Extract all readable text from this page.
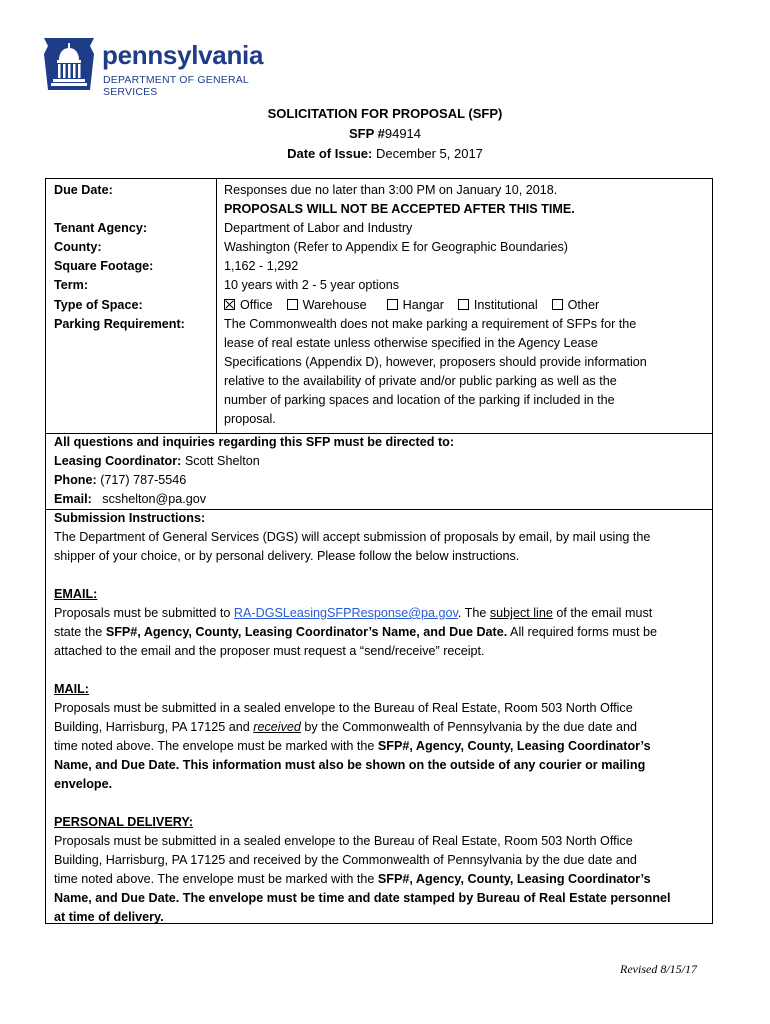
pennsylvania
DEPARTMENT OF GENERAL SERVICES
SOLICITATION FOR PROPOSAL (SFP)
SFP #94914
Date of Issue: December 5, 2017
Due Date:	Responses due no later than 3:00 PM on January 10, 2018.
PROPOSALS WILL NOT BE ACCEPTED AFTER THIS TIME.
Tenant Agency:	Department of Labor and Industry
County:	Washington (Refer to Appendix E for Geographic Boundaries)
Square Footage:	1,162 - 1,292
Term:	10 years with 2 - 5 year options
Type of Space:	Office Warehouse	Hangar Institutional Other
Parking Requirement:	The Commonwealth does not make parking a requirement of SFPs for the
lease of real estate unless otherwise specified in the Agency Lease
Specifications (Appendix D), however, proposers should provide information
relative to the availability of private and/or public parking as well as the
number of parking spaces and location of the parking if included in the
proposal.
All questions and inquiries regarding this SFP must be directed to:
Leasing Coordinator: Scott Shelton
Phone: (717) 787-5546
Email: scshelton@pa.gov
Submission Instructions:
The Department of General Services (DGS) will accept submission of proposals by email, by mail using the
shipper of your choice, or by personal delivery. Please follow the below instructions.
EMAIL:
Proposals must be submitted to RA-DGSLeasingSFPResponse@pa.gov. The subject line of the email must
state the SFP#, Agency, County, Leasing Coordinator’s Name, and Due Date. All required forms must be
attached to the email and the proposer must request a “send/receive” receipt.
MAIL:
Proposals must be submitted in a sealed envelope to the Bureau of Real Estate, Room 503 North Office
Building, Harrisburg, PA 17125 and received by the Commonwealth of Pennsylvania by the due date and
time noted above. The envelope must be marked with the SFP#, Agency, County, Leasing Coordinator’s
Name, and Due Date. This information must also be shown on the outside of any courier or mailing
envelope.
PERSONAL DELIVERY:
Proposals must be submitted in a sealed envelope to the Bureau of Real Estate, Room 503 North Office
Building, Harrisburg, PA 17125 and received by the Commonwealth of Pennsylvania by the due date and
time noted above. The envelope must be marked with the SFP#, Agency, County, Leasing Coordinator’s
Name, and Due Date. The envelope must be time and date stamped by Bureau of Real Estate personnel
at time of delivery.
Revised 8/15/17
